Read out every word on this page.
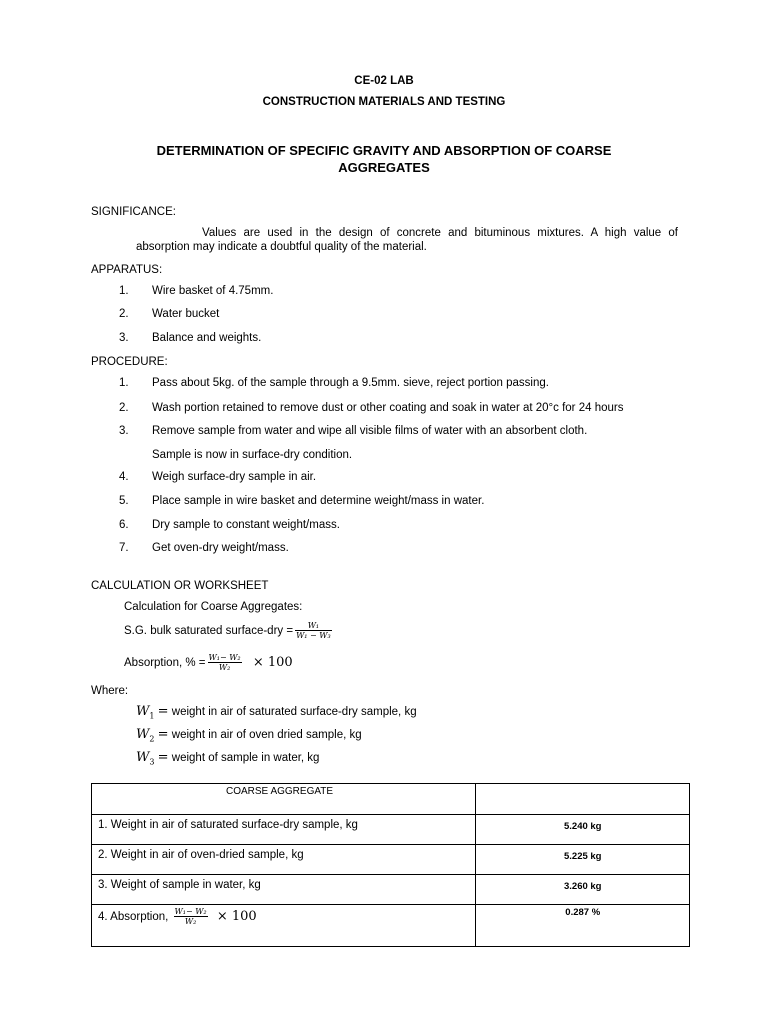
CE-02 LAB
CONSTRUCTION MATERIALS AND TESTING
DETERMINATION OF SPECIFIC GRAVITY AND ABSORPTION OF COARSE
AGGREGATES
SIGNIFICANCE:
Values are used in the design of concrete and bituminous mixtures. A high value of
absorption may indicate a doubtful quality of the material.
APPARATUS:
1. Wire basket of 4.75mm.
2. Water bucket
3. Balance and weights.
PROCEDURE:
1. Pass about 5kg. of the sample through a 9.5mm. sieve, reject portion passing.
2. Wash portion retained to remove dust or other coating and soak in water at 20°c for 24 hours
3. Remove sample from water and wipe all visible films of water with an absorbent cloth.
Sample is now in surface-dry condition.
4. Weigh surface-dry sample in air.
5. Place sample in wire basket and determine weight/mass in water.
6. Dry sample to constant weight/mass.
7. Get oven-dry weight/mass.
CALCULATION OR WORKSHEET
Calculation for Coarse Aggregates:
S.G. bulk saturated surface-dry = $\frac{\text{W₁}}{\text{W₁ − W₃}}$
Absorption, % = $\frac{\text{W₁− W₂}}{\text{W₂}} \times 100$
Where:
$W_1$ = weight in air of saturated surface-dry sample, kg
$W_2$ = weight in air of oven dried sample, kg
$W_3$ = weight of sample in water, kg
COARSE AGGREGATE	
1. Weight in air of saturated surface-dry sample, kg	5.240 kg
2. Weight in air of oven-dried sample, kg	5.225 kg
3. Weight of sample in water, kg	3.260 kg
4. Absorption, $\frac{\text{W₁− W₂}}{\text{W₂}} \times 100$	0.287 %
